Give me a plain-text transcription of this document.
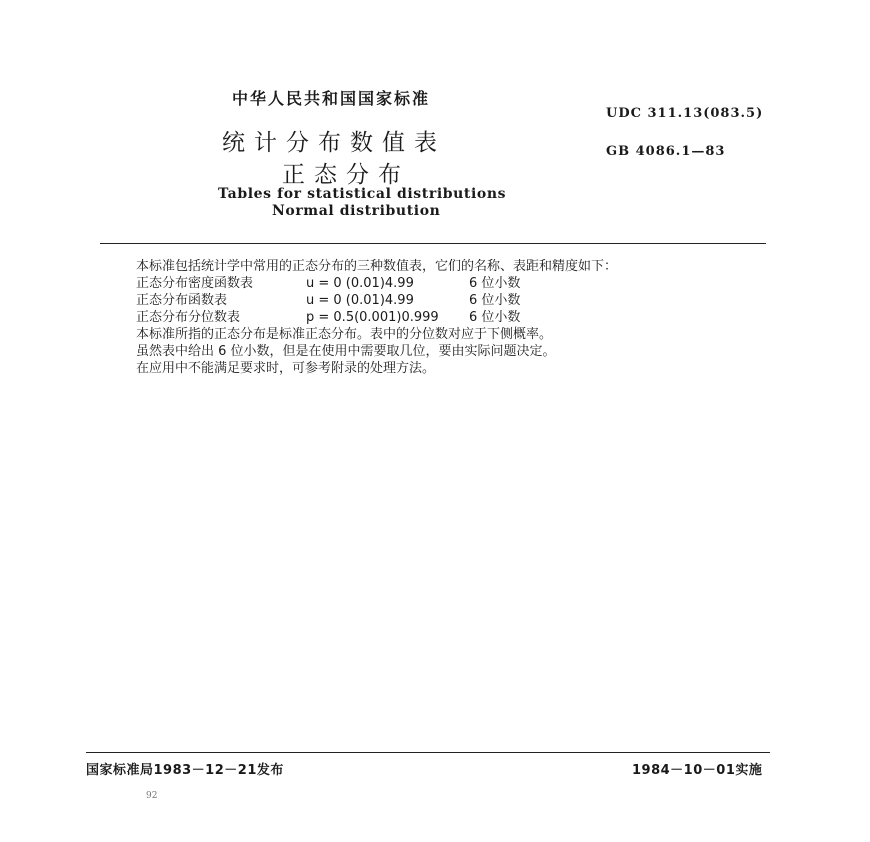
中华人民共和国国家标准
UDC 311.13(083.5)
GB 4086.1—83
统计分布数值表
正态分布
Tables for statistical distributions
Normal distribution
本标准包括统计学中常用的正态分布的三种数值表，它们的名称、表距和精度如下：
正态分布密度函数表	u = 0 (0.01)4.99	6 位小数
正态分布函数表	u = 0 (0.01)4.99	6 位小数
正态分布分位数表	p = 0.5(0.001)0.999	6 位小数
本标准所指的正态分布是标准正态分布。表中的分位数对应于下侧概率。
虽然表中给出 6 位小数，但是在使用中需要取几位，要由实际问题决定。
在应用中不能满足要求时，可参考附录的处理方法。
国家标准局1983－12－21发布	1984－10－01实施
92
